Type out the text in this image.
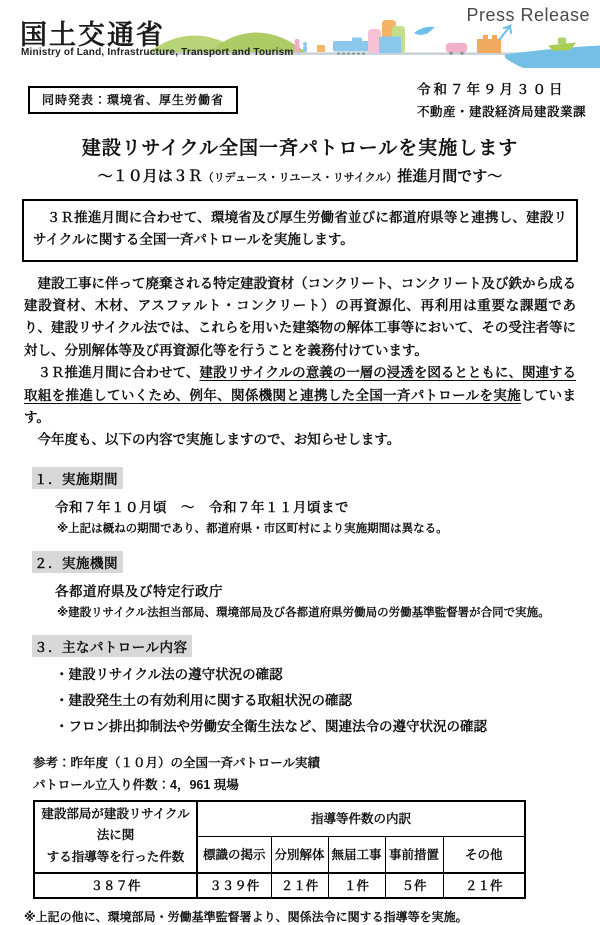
国土交通省
Ministry of Land, Infrastructure, Transport and Tourism
Press Release
同時発表：環境省、厚生労働省
令和７年９月３０日
不動産・建設経済局建設業課
建設リサイクル全国一斉パトロールを実施します
～１０月は３Ｒ（リデュース・リユース・リサイクル）推進月間です～
　３Ｒ推進月間に合わせて、環境省及び厚生労働省並びに都道府県等と連携し、建設リサイクルに関する全国一斉パトロールを実施します。

　建設工事に伴って廃棄される特定建設資材（コンクリート、コンクリート及び鉄から成る建設資材、木材、アスファルト・コンクリート）の再資源化、再利用は重要な課題であり、建設リサイクル法では、これらを用いた建築物の解体工事等において、その受注者等に対し、分別解体等及び再資源化等を行うことを義務付けています。

　３Ｒ推進月間に合わせて、建設リサイクルの意義の一層の浸透を図るとともに、関連する取組を推進していくため、例年、関係機関と連携した全国一斉パトロールを実施しています。

　今年度も、以下の内容で実施しますので、お知らせします。

１．実施期間
令和７年１０月頃　～　令和７年１１月頃まで
※上記は概ねの期間であり、都道府県・市区町村により実施期間は異なる。
２．実施機関
各都道府県及び特定行政庁
※建設リサイクル法担当部局、環境部局及び各都道府県労働局の労働基準監督署が合同で実施。
３．主なパトロール内容
・建設リサイクル法の遵守状況の確認
・建設発生土の有効利用に関する取組状況の確認
・フロン排出抑制法や労働安全衛生法など、関連法令の遵守状況の確認
参考：昨年度（１０月）の全国一斉パトロール実績
パトロール立入り件数：4，961 現場
建設部局が建設リサイクル法に関
する指導等を行った件数	指導等件数の内訳				
	標識の掲示	分別解体	無届工事	事前措置	その他
３８７件	３３９件	２１件	１件	５件	２１件
※上記の他に、環境部局・労働基準監督署より、関係法令に関する指導等を実施。
